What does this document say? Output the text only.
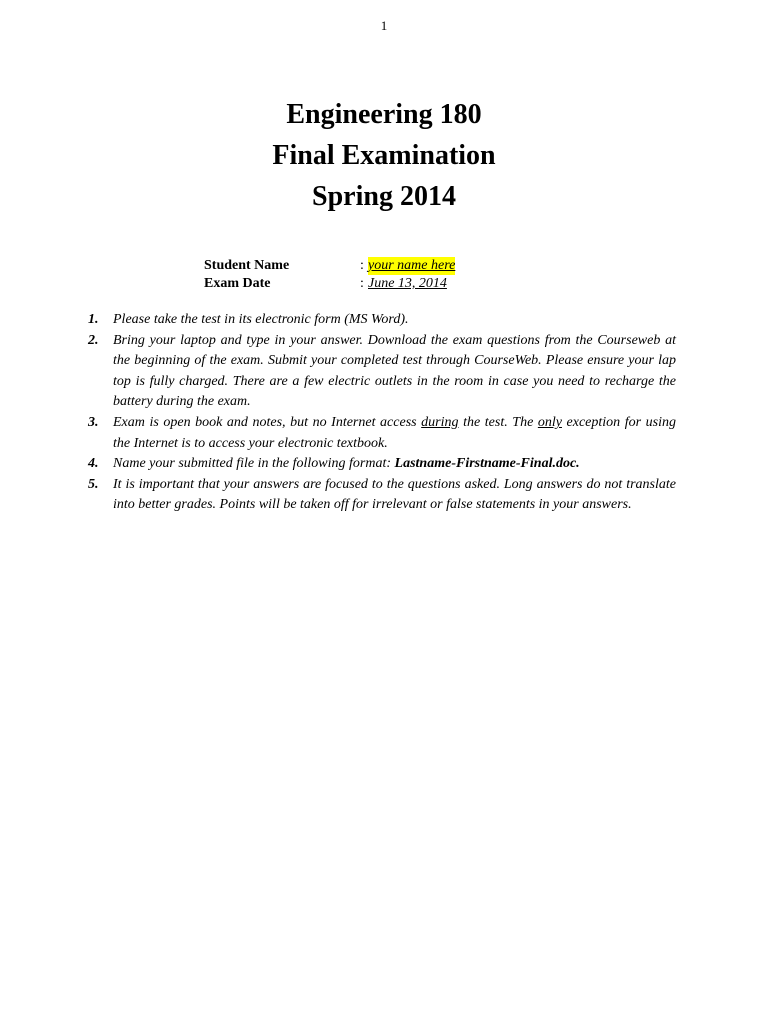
1
Engineering 180
Final Examination
Spring 2014
Student Name	: your name here
Exam Date	: June 13, 2014
1.	Please take the test in its electronic form (MS Word).
2.	Bring your laptop and type in your answer. Download the exam questions from the Courseweb at the beginning of the exam. Submit your completed test through CourseWeb. Please ensure your lap top is fully charged. There are a few electric outlets in the room in case you need to recharge the battery during the exam.
3.	Exam is open book and notes, but no Internet access during the test. The only exception for using the Internet is to access your electronic textbook.
4.	Name your submitted file in the following format: Lastname-Firstname-Final.doc.
5.	It is important that your answers are focused to the questions asked. Long answers do not translate into better grades. Points will be taken off for irrelevant or false statements in your answers.
